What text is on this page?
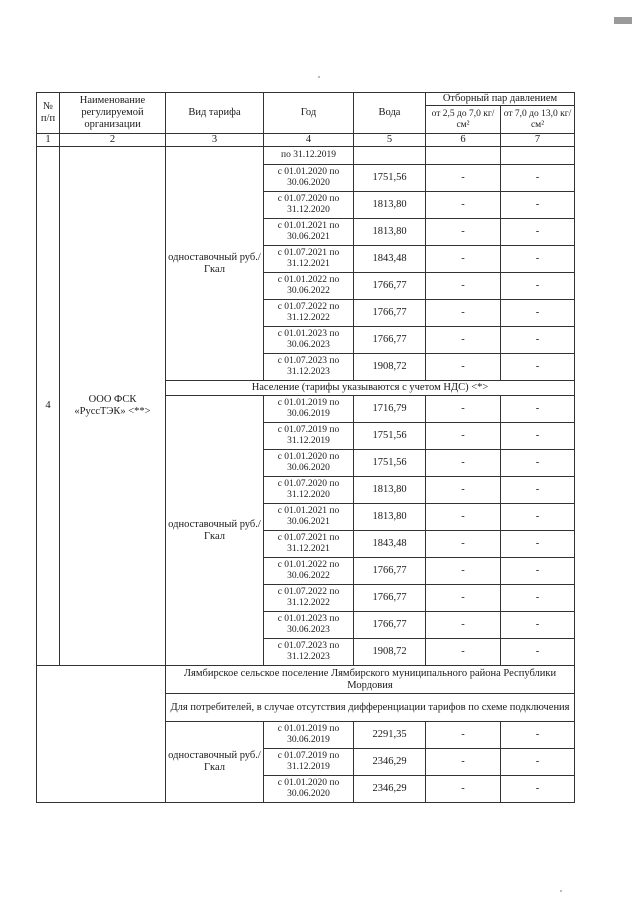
№ п/п	Наименование регулируемой организации	Вид тарифа	Год	Вода	Отборный пар давлением	
					от 2,5 до 7,0 кг/см²	от 7,0 до 13,0 кг/см²
1	2	3	4	5	6	7
4	ООО ФСК «РуссТЭК» <**>	одноставочный руб./Гкал	по 31.12.2019			
			с 01.01.2020 по 30.06.2020	1751,56	-	-
			с 01.07.2020 по 31.12.2020	1813,80	-	-
			с 01.01.2021 по 30.06.2021	1813,80	-	-
			с 01.07.2021 по 31.12.2021	1843,48	-	-
			с 01.01.2022 по 30.06.2022	1766,77	-	-
			с 01.07.2022 по 31.12.2022	1766,77	-	-
			с 01.01.2023 по 30.06.2023	1766,77	-	-
			с 01.07.2023 по 31.12.2023	1908,72	-	-
		Население (тарифы указываются с учетом НДС) <*>				
		одноставочный руб./Гкал	с 01.01.2019 по 30.06.2019	1716,79	-	-
			с 01.07.2019 по 31.12.2019	1751,56	-	-
			с 01.01.2020 по 30.06.2020	1751,56	-	-
			с 01.07.2020 по 31.12.2020	1813,80	-	-
			с 01.01.2021 по 30.06.2021	1813,80	-	-
			с 01.07.2021 по 31.12.2021	1843,48	-	-
			с 01.01.2022 по 30.06.2022	1766,77	-	-
			с 01.07.2022 по 31.12.2022	1766,77	-	-
			с 01.01.2023 по 30.06.2023	1766,77	-	-
			с 01.07.2023 по 31.12.2023	1908,72	-	-
		Лямбирское сельское поселение Лямбирского муниципального района Республики Мордовия				
		Для потребителей, в случае отсутствия дифференциации тарифов по схеме подключения				
		одноставочный руб./Гкал	с 01.01.2019 по 30.06.2019	2291,35	-	-
			с 01.07.2019 по 31.12.2019	2346,29	-	-
			с 01.01.2020 по 30.06.2020	2346,29	-	-
